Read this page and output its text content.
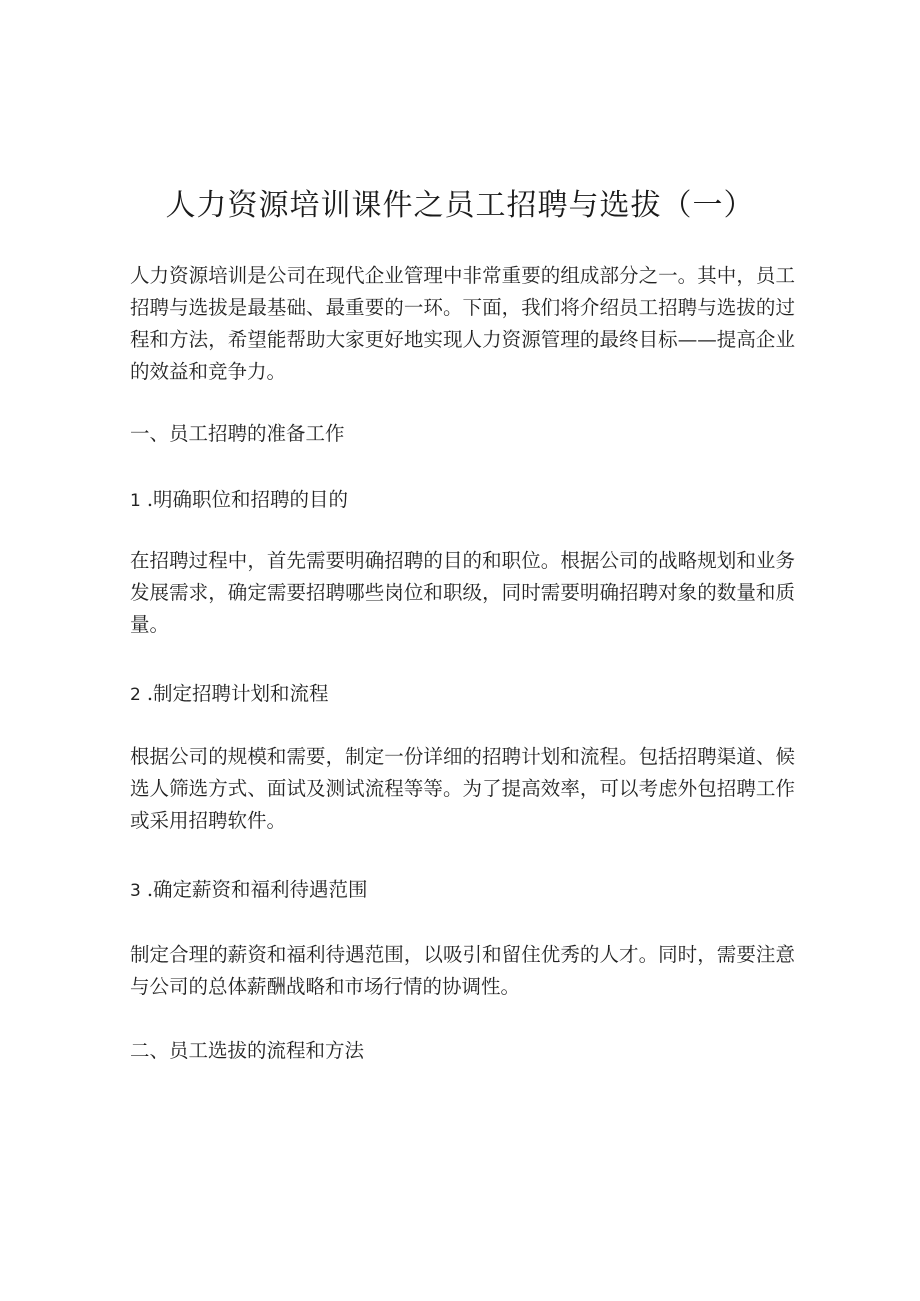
人力资源培训课件之员工招聘与选拔（一）

人力资源培训是公司在现代企业管理中非常重要的组成部分之一。其中，员工招聘与选拔是最基础、最重要的一环。下面，我们将介绍员工招聘与选拔的过程和方法，希望能帮助大家更好地实现人力资源管理的最终目标——提高企业的效益和竞争力。

一、员工招聘的准备工作

1 .明确职位和招聘的目的

在招聘过程中，首先需要明确招聘的目的和职位。根据公司的战略规划和业务发展需求，确定需要招聘哪些岗位和职级，同时需要明确招聘对象的数量和质量。

2 .制定招聘计划和流程

根据公司的规模和需要，制定一份详细的招聘计划和流程。包括招聘渠道、候选人筛选方式、面试及测试流程等等。为了提高效率，可以考虑外包招聘工作或采用招聘软件。

3 .确定薪资和福利待遇范围

制定合理的薪资和福利待遇范围，以吸引和留住优秀的人才。同时，需要注意与公司的总体薪酬战略和市场行情的协调性。

二、员工选拔的流程和方法
